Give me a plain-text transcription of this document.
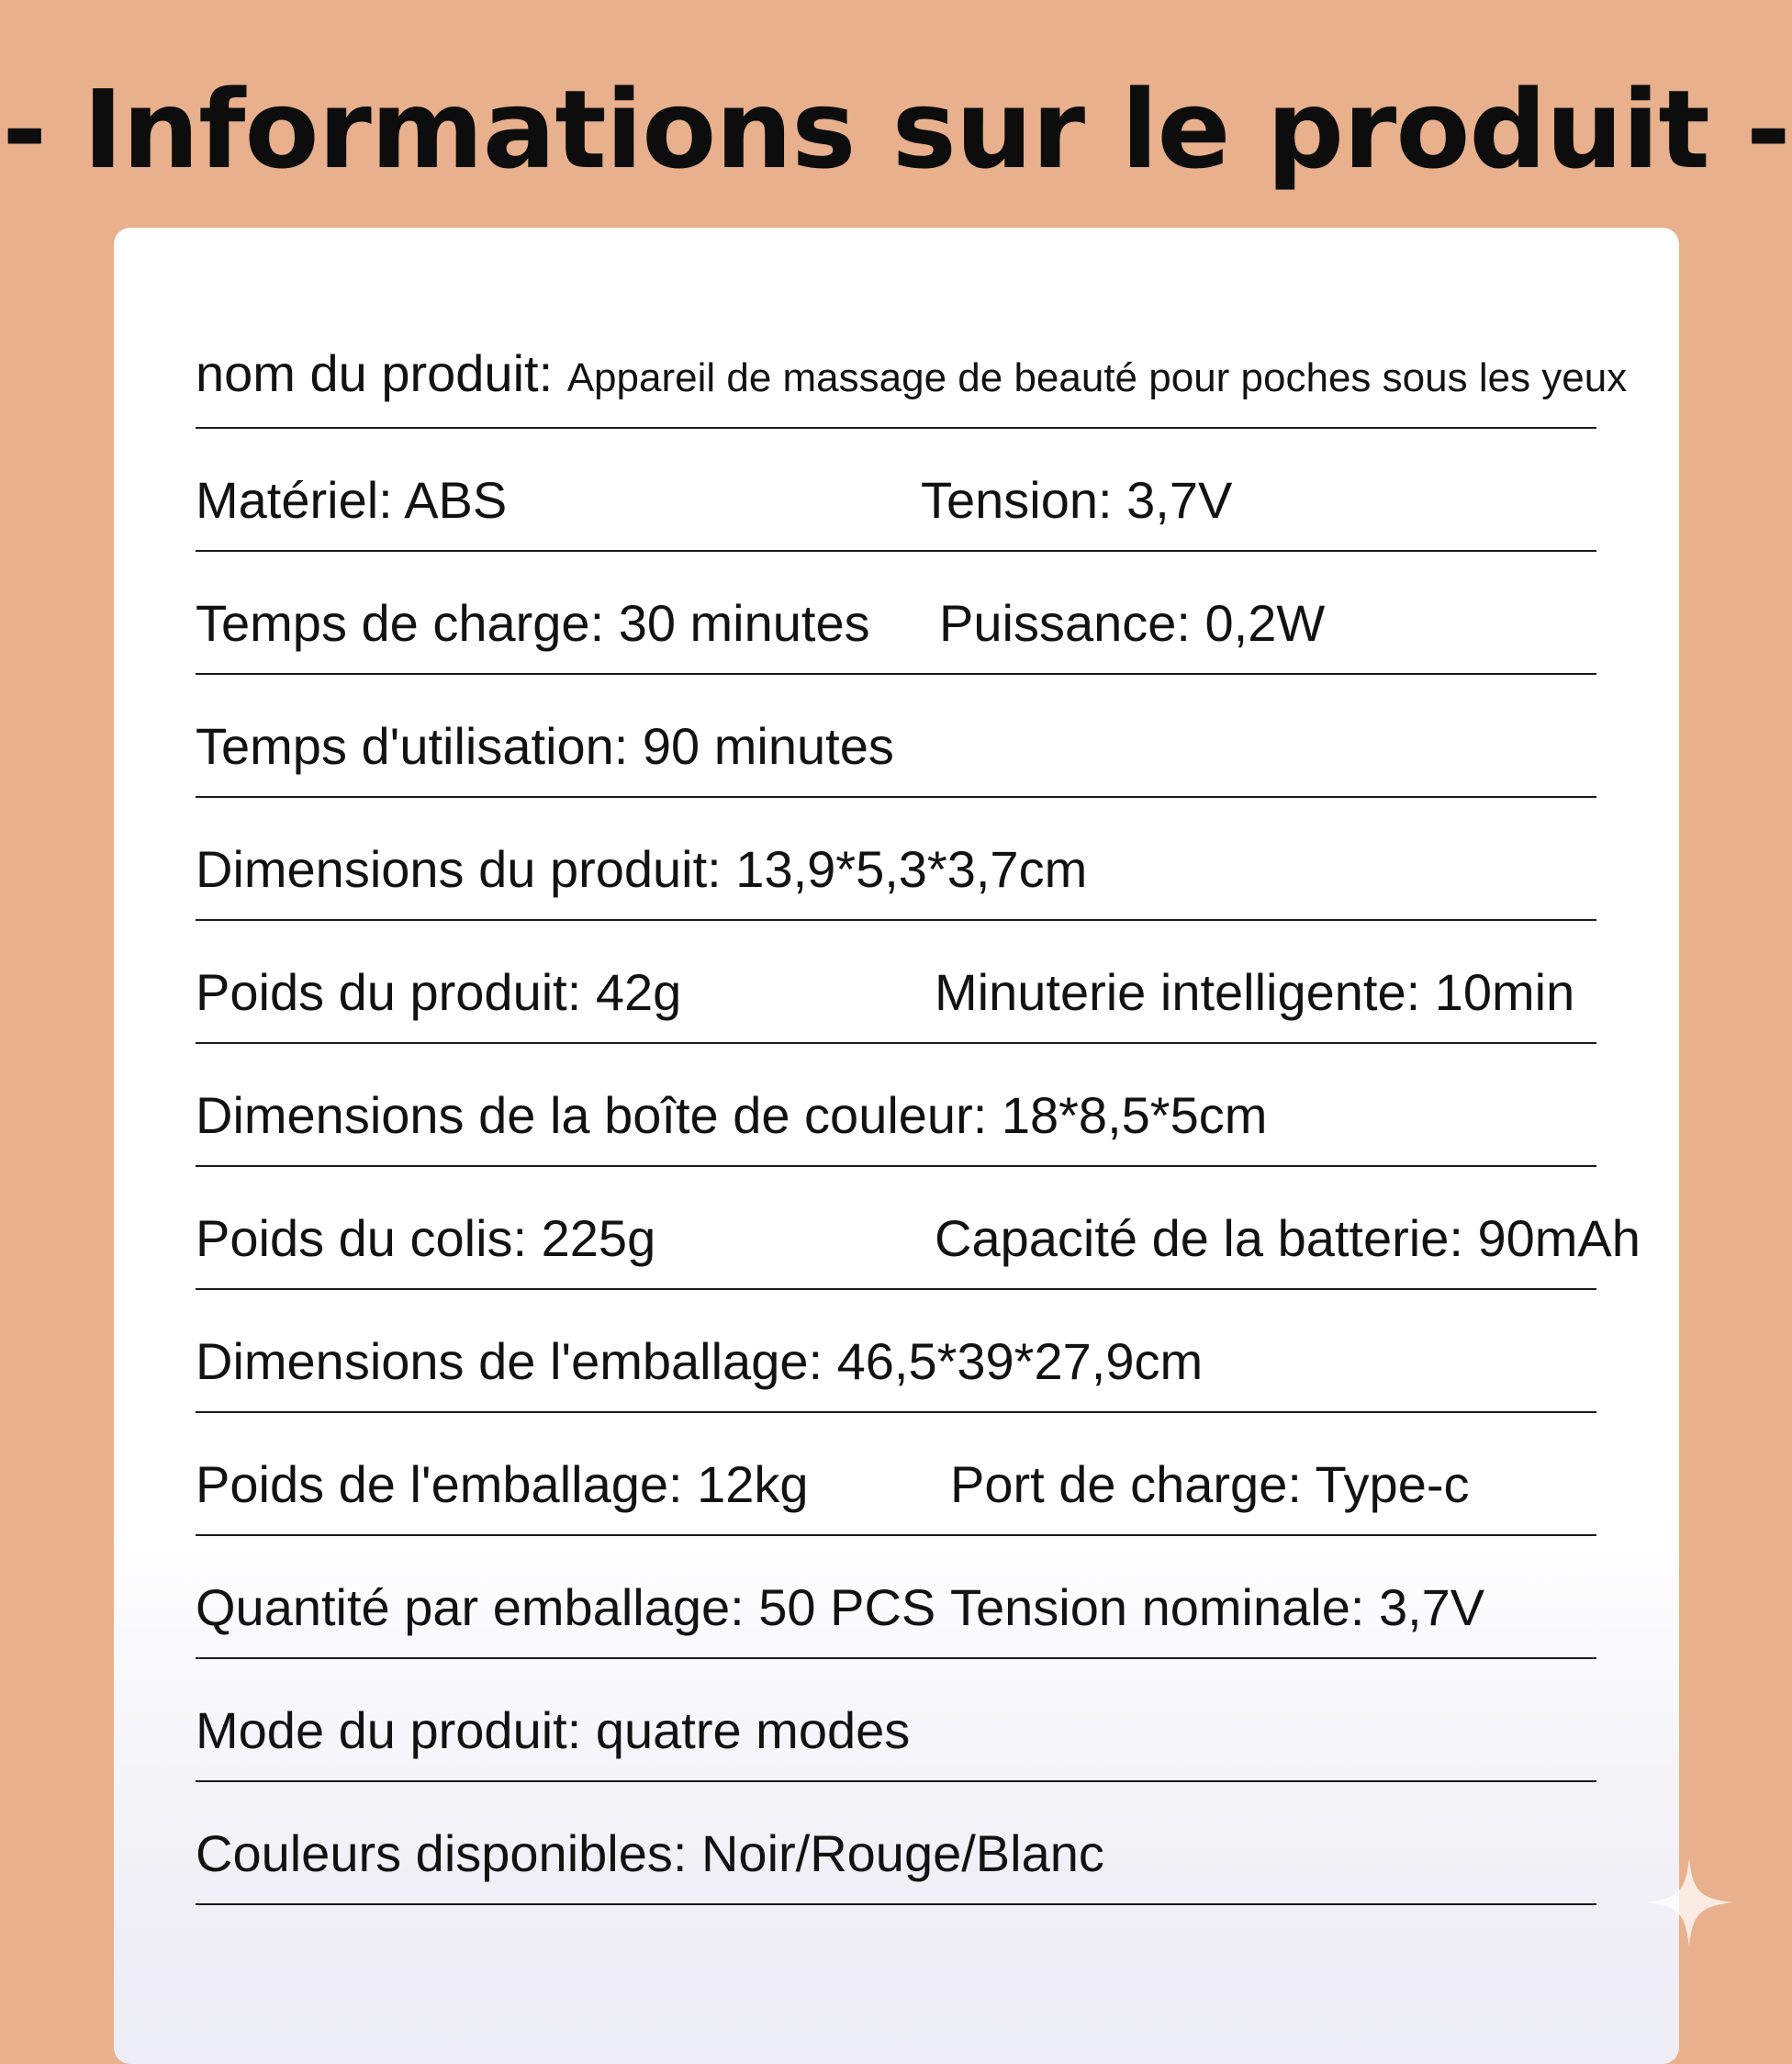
- Informations sur le produit -
nom du produit: Appareil de massage de beauté pour poches sous les yeux
Matériel: ABS	Tension: 3,7V
Temps de charge: 30 minutes Puissance: 0,2W
Temps d'utilisation: 90 minutes
Dimensions du produit: 13,9*5,3*3,7cm
Poids du produit: 42g	Minuterie intelligente: 10min
Dimensions de la boîte de couleur: 18*8,5*5cm
Poids du colis: 225g	Capacité de la batterie: 90mAh
Dimensions de l'emballage: 46,5*39*27,9cm
Poids de l'emballage: 12kg	Port de charge: Type-c
Quantité par emballage: 50 PCS Tension nominale: 3,7V
Mode du produit: quatre modes
Couleurs disponibles: Noir/Rouge/Blanc
